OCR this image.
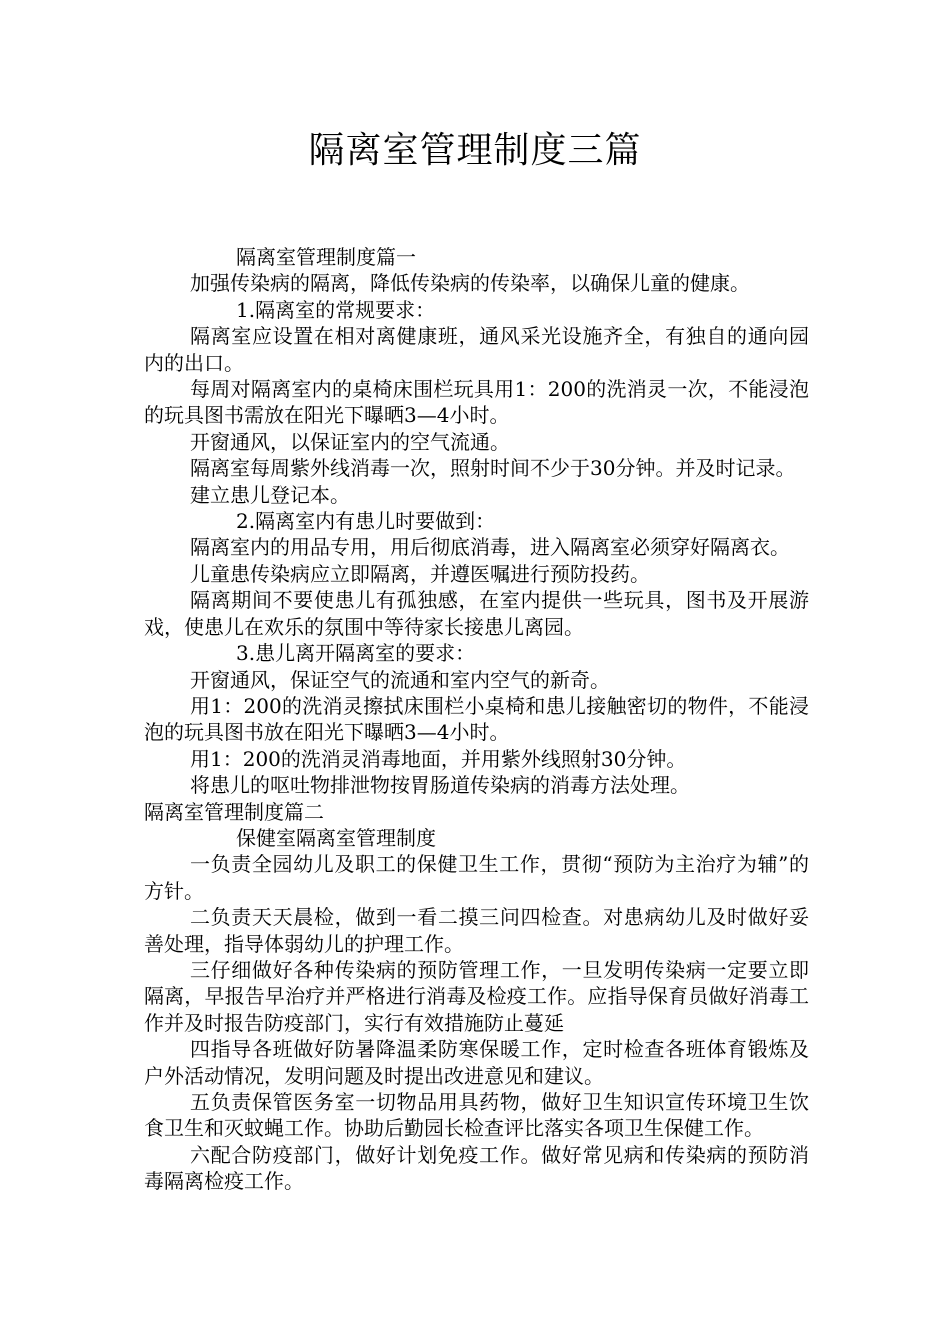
隔离室管理制度三篇

隔离室管理制度篇一

加强传染病的隔离，降低传染病的传染率，以确保儿童的健康。

1.隔离室的常规要求：

隔离室应设置在相对离健康班，通风采光设施齐全，有独自的通向园内的出口。

每周对隔离室内的桌椅床围栏玩具用1：200的洗消灵一次，不能浸泡的玩具图书需放在阳光下曝晒3—4小时。

开窗通风，以保证室内的空气流通。

隔离室每周紫外线消毒一次，照射时间不少于30分钟。并及时记录。

建立患儿登记本。

2.隔离室内有患儿时要做到：

隔离室内的用品专用，用后彻底消毒，进入隔离室必须穿好隔离衣。

儿童患传染病应立即隔离，并遵医嘱进行预防投药。

隔离期间不要使患儿有孤独感，在室内提供一些玩具，图书及开展游戏，使患儿在欢乐的氛围中等待家长接患儿离园。

3.患儿离开隔离室的要求：

开窗通风，保证空气的流通和室内空气的新奇。

用1：200的洗消灵擦拭床围栏小桌椅和患儿接触密切的物件，不能浸泡的玩具图书放在阳光下曝晒3—4小时。

用1：200的洗消灵消毒地面，并用紫外线照射30分钟。

将患儿的呕吐物排泄物按胃肠道传染病的消毒方法处理。

隔离室管理制度篇二

保健室隔离室管理制度

一负责全园幼儿及职工的保健卫生工作，贯彻“预防为主治疗为辅”的方针。

二负责天天晨检，做到一看二摸三问四检查。对患病幼儿及时做好妥善处理，指导体弱幼儿的护理工作。

三仔细做好各种传染病的预防管理工作，一旦发明传染病一定要立即隔离，早报告早治疗并严格进行消毒及检疫工作。应指导保育员做好消毒工作并及时报告防疫部门，实行有效措施防止蔓延

四指导各班做好防暑降温柔防寒保暖工作，定时检查各班体育锻炼及户外活动情况，发明问题及时提出改进意见和建议。

五负责保管医务室一切物品用具药物，做好卫生知识宣传环境卫生饮食卫生和灭蚊蝇工作。协助后勤园长检查评比落实各项卫生保健工作。

六配合防疫部门，做好计划免疫工作。做好常见病和传染病的预防消毒隔离检疫工作。
